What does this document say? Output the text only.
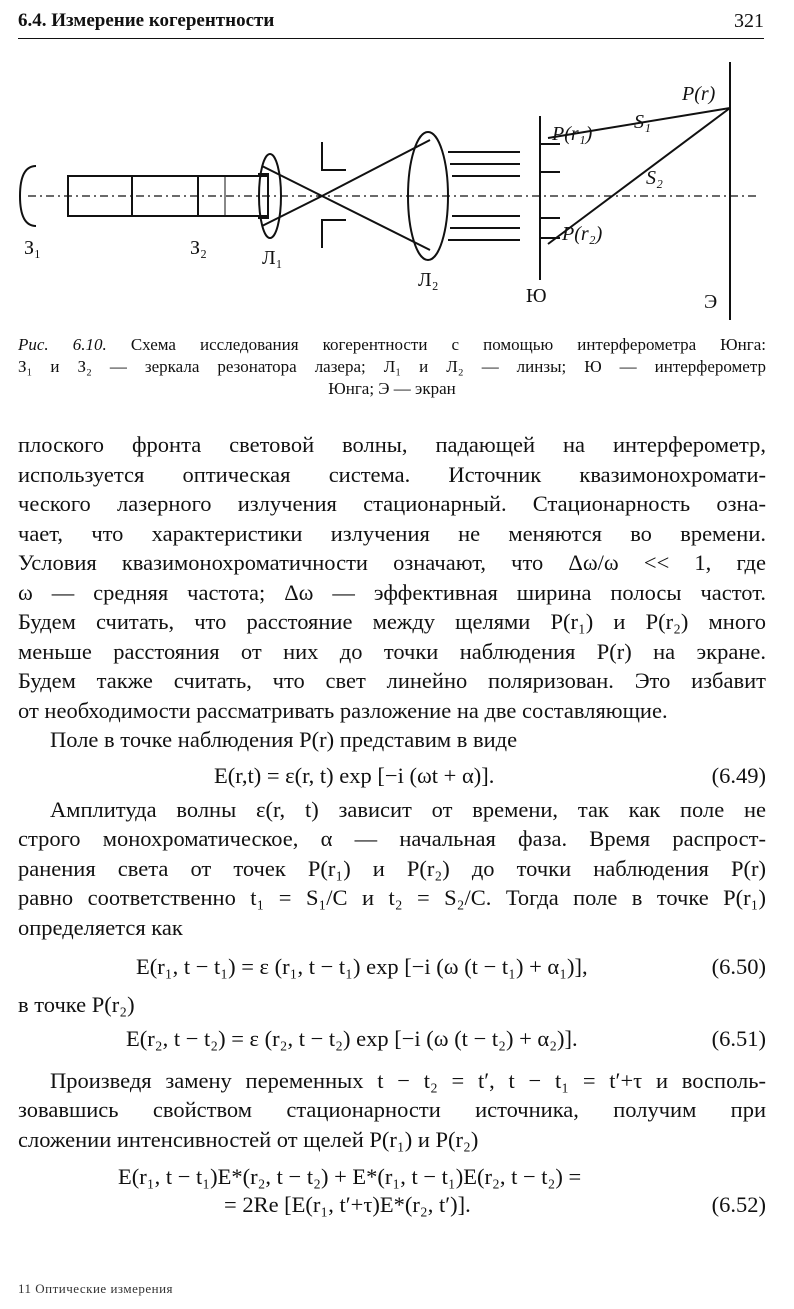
6.4. Измерение когерентности	321
З₁	З₂	Л₁
Л₂
Ю	Э
P(r)
P(r₁)
P(r₂)
S₁
S₂
Рис. 6.10. Схема исследования когерентности с помощью интерферометра Юнга:
З₁ и З₂ — зеркала резонатора лазера; Л₁ и Л₂ — линзы; Ю — интерферометр
Юнга; Э — экран
плоского фронта световой волны, падающей на интерферометр,
используется оптическая система. Источник квазимонохромати-
ческого лазерного излучения стационарный. Стационарность озна-
чает, что характеристики излучения не меняются во времени.
Условия квазимонохроматичности означают, что Δω/ω << 1, где
ω — средняя частота; Δω — эффективная ширина полосы частот.
Будем считать, что расстояние между щелями P(r₁) и P(r₂) много
меньше расстояния от них до точки наблюдения P(r) на экране.
Будем также считать, что свет линейно поляризован. Это избавит
от необходимости рассматривать разложение на две составляющие.
Поле в точке наблюдения P(r) представим в виде
E(r,t) = ε(r, t) exp [−i (ωt + α)].	(6.49)
Амплитуда волны ε(r, t) зависит от времени, так как поле не
строго монохроматическое, α — начальная фаза. Время распрост-
ранения света от точек P(r₁) и P(r₂) до точки наблюдения P(r)
равно соответственно t₁ = S₁/C и t₂ = S₂/C. Тогда поле в точке P(r₁)
определяется как
E(r₁, t − t₁) = ε (r₁, t − t₁) exp [−i (ω (t − t₁) + α₁)],	(6.50)
в точке P(r₂)
E(r₂, t − t₂) = ε (r₂, t − t₂) exp [−i (ω (t − t₂) + α₂)].	(6.51)
Произведя замену переменных t − t₂ = t′, t − t₁ = t′+τ и восполь-
зовавшись свойством стационарности источника, получим при
сложении интенсивностей от щелей P(r₁) и P(r₂)
E(r₁, t − t₁)E*(r₂, t − t₂) + E*(r₁, t − t₁)E(r₂, t − t₂) =
= 2Re [E(r₁, t′+τ)E*(r₂, t′)].	(6.52)
11 Оптические измерения
